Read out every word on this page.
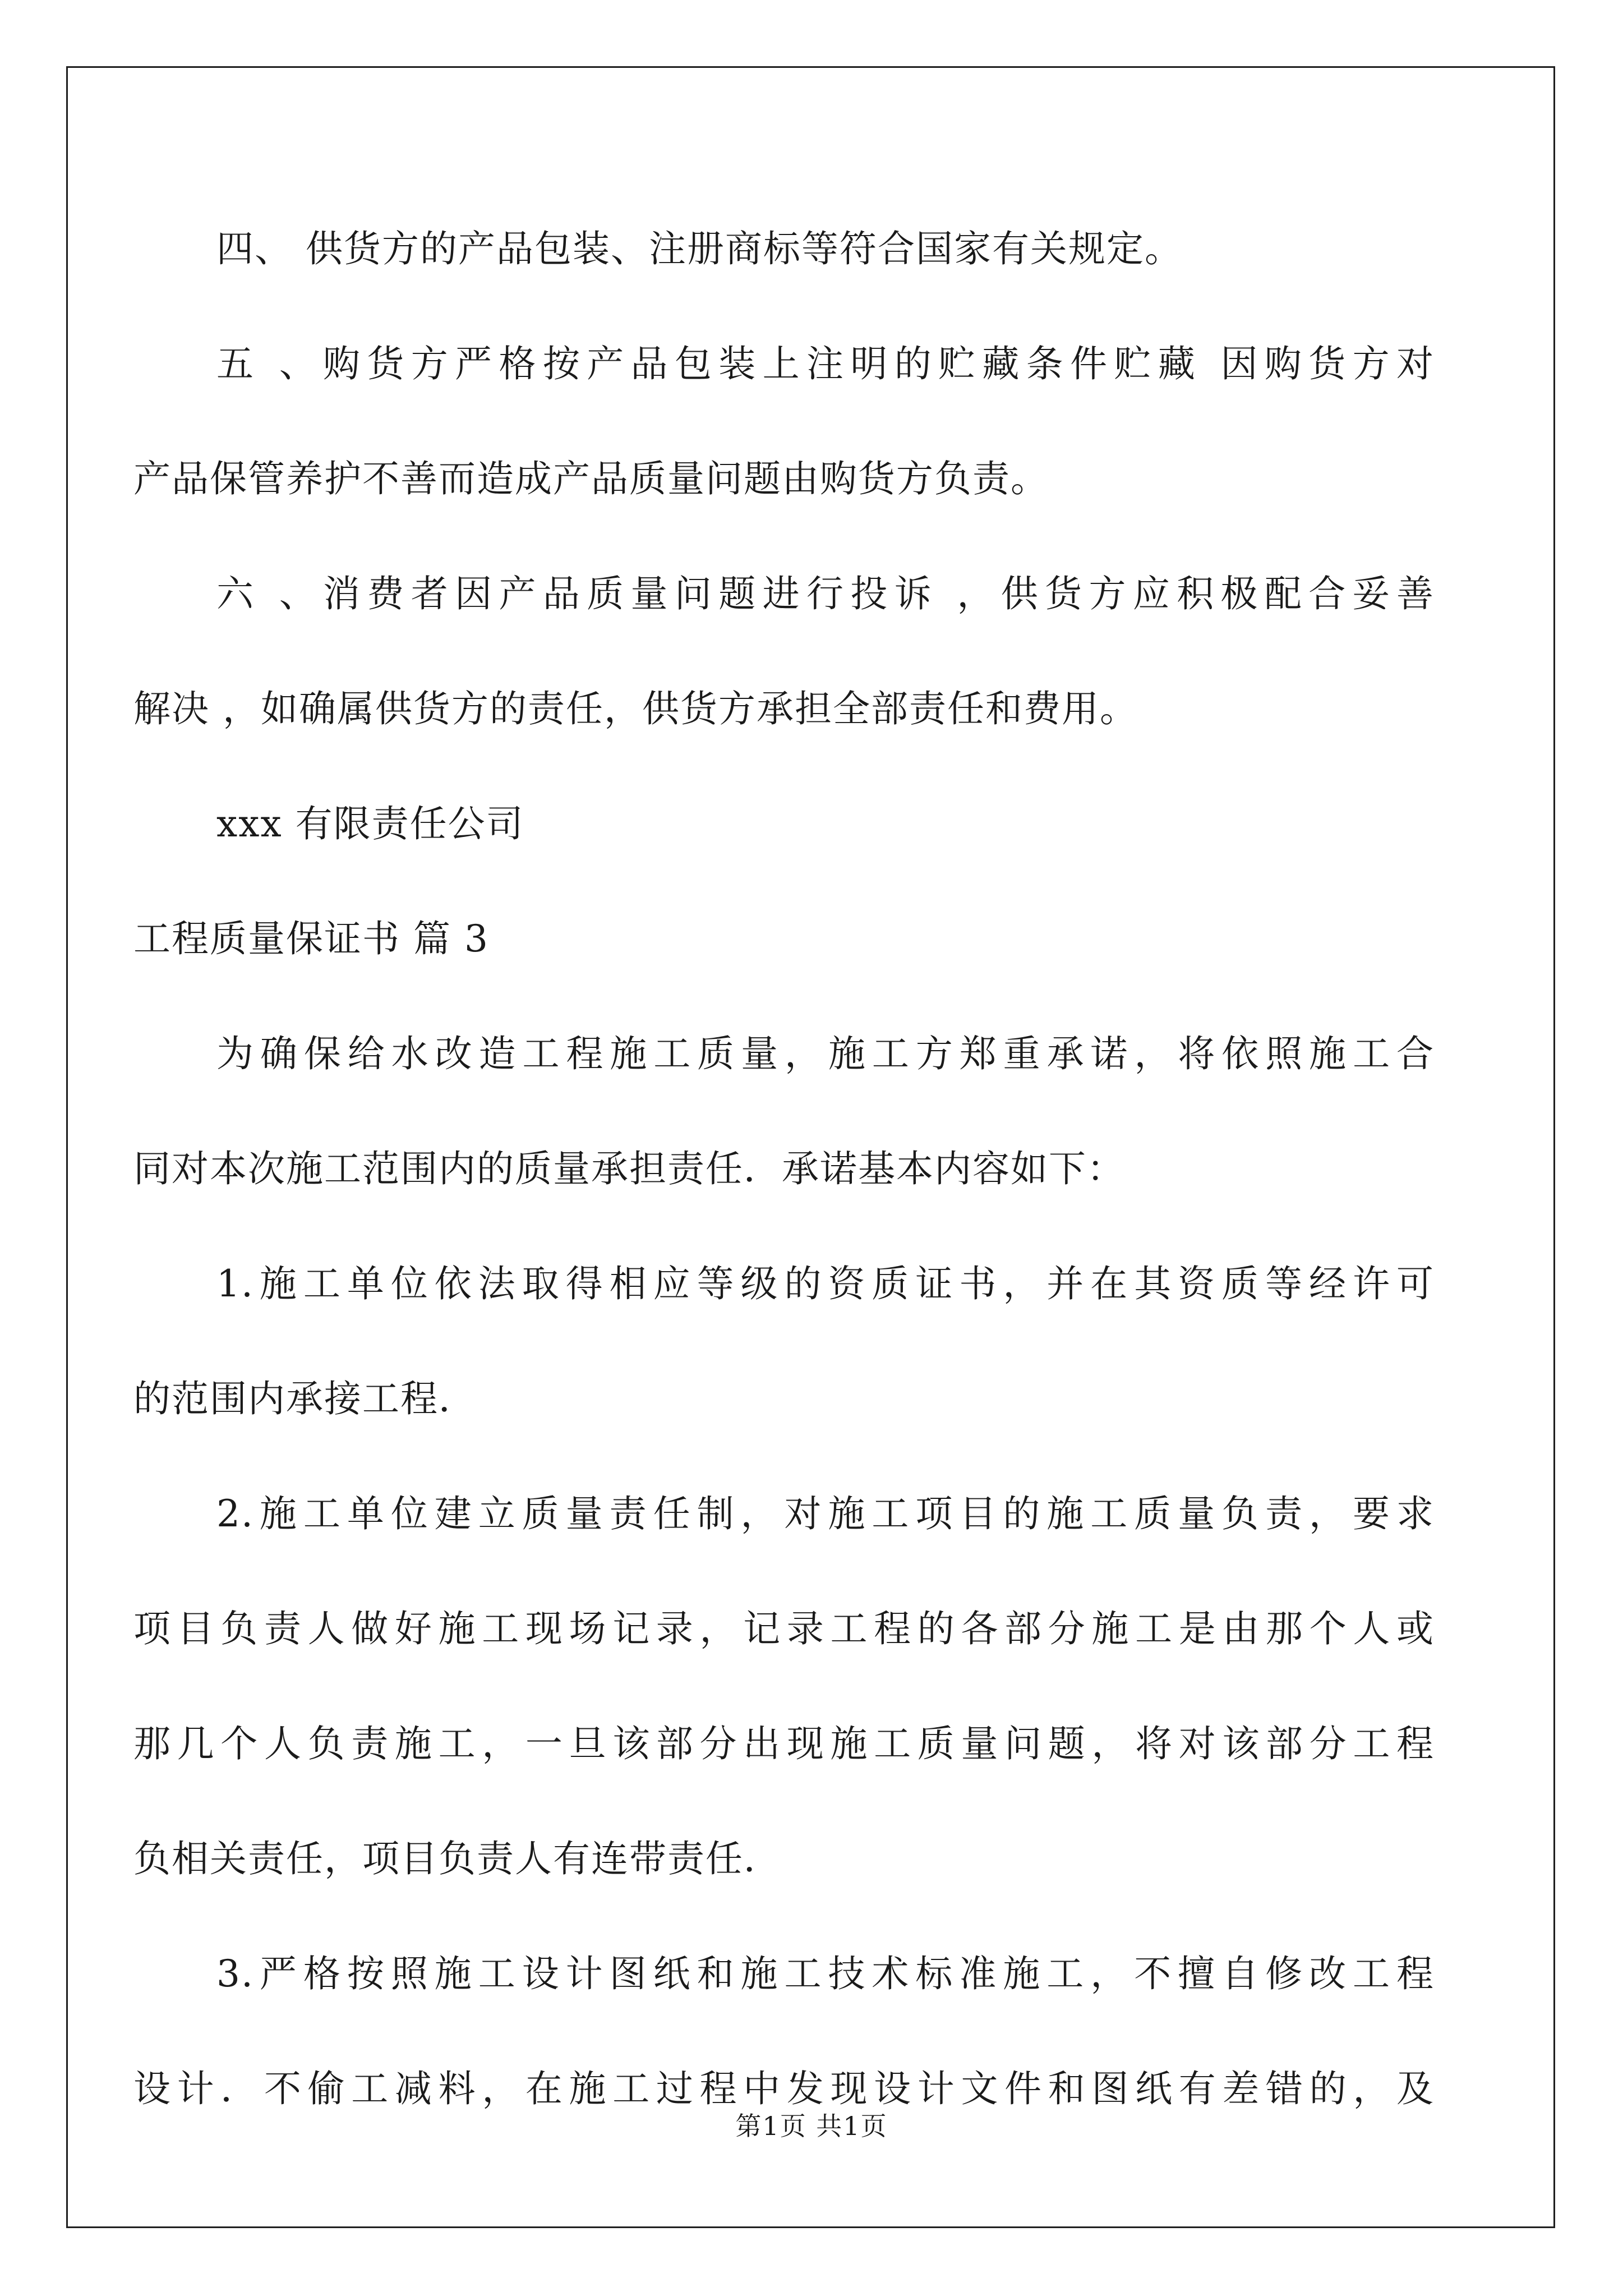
四、 供货方的产品包装、注册商标等符合国家有关规定。

五 、购货方严格按产品包装上注明的贮藏条件贮藏 因购货方对

产品保管养护不善而造成产品质量问题由购货方负责。

六 、消费者因产品质量问题进行投诉 ，供货方应积极配合妥善

解决 ，如确属供货方的责任，供货方承担全部责任和费用。

xxx 有限责任公司

工程质量保证书 篇 3

为确保给水改造工程施工质量，施工方郑重承诺，将依照施工合

同对本次施工范围内的质量承担责任．承诺基本内容如下：

1.施工单位依法取得相应等级的资质证书，并在其资质等经许可

的范围内承接工程．

2.施工单位建立质量责任制，对施工项目的施工质量负责，要求

项目负责人做好施工现场记录，记录工程的各部分施工是由那个人或

那几个人负责施工，一旦该部分出现施工质量问题，将对该部分工程

负相关责任，项目负责人有连带责任．

3.严格按照施工设计图纸和施工技术标准施工，不擅自修改工程

设计．不偷工减料，在施工过程中发现设计文件和图纸有差错的，及

第1页 共1页
